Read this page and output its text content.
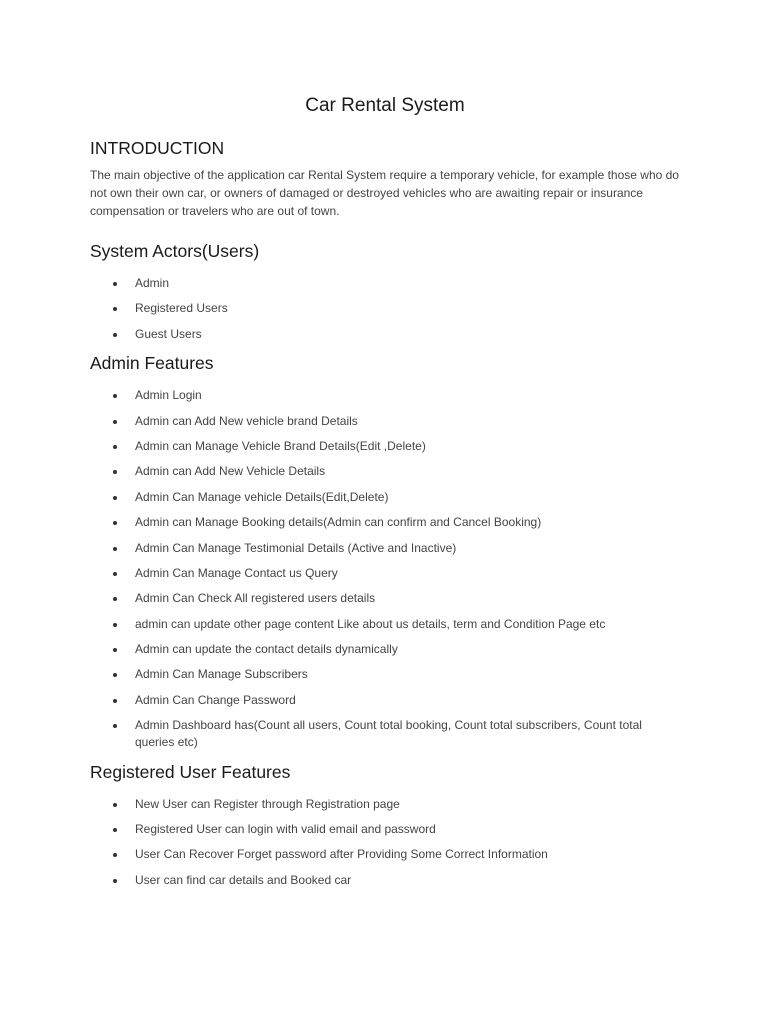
Car Rental System
INTRODUCTION

The main objective of the application car Rental System require a temporary vehicle, for example those who do not own their own car, or owners of damaged or destroyed vehicles who are awaiting repair or insurance compensation or travelers who are out of town.

System Actors(Users)
Admin
Registered Users
Guest Users
Admin Features
Admin Login
Admin can Add New vehicle brand Details
Admin can Manage Vehicle Brand Details(Edit ,Delete)
Admin can Add New Vehicle Details
Admin Can Manage vehicle Details(Edit,Delete)
Admin can Manage Booking details(Admin can confirm and Cancel Booking)
Admin Can Manage Testimonial Details (Active and Inactive)
Admin Can Manage Contact us Query
Admin Can Check All registered users details
admin can update other page content Like about us details, term and Condition Page etc
Admin can update the contact details dynamically
Admin Can Manage Subscribers
Admin Can Change Password
Admin Dashboard has(Count all users, Count total booking, Count total subscribers, Count total queries etc)
Registered User Features
New User can Register through Registration page
Registered User can login with valid email and password
User Can Recover Forget password after Providing Some Correct Information
User can find car details and Booked car
